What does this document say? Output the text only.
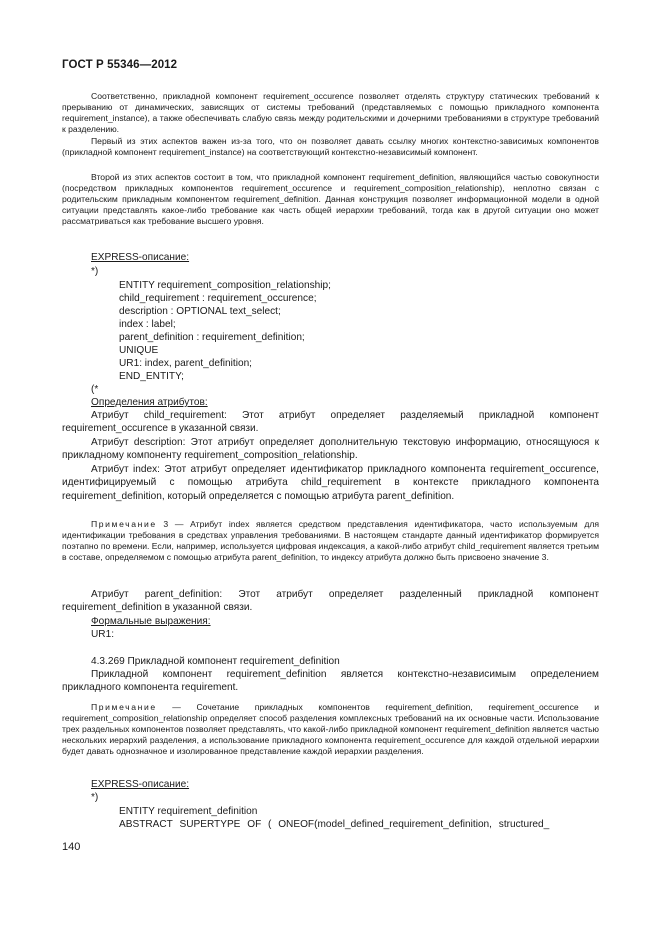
ГОСТ Р 55346—2012

Соответственно, прикладной компонент requirement_occurence позволяет отделять структуру статических требований к прерыванию от динамических, зависящих от системы требований (представляемых с помощью прикладного компонента requirement_instance), а также обеспечивать слабую связь между родительскими и дочерними требованиями в структуре требований к разделению.

Первый из этих аспектов важен из-за того, что он позволяет давать ссылку многих контекстно-зависимых компонентов (прикладной компонент requirement_instance) на соответствующий контекстно-независимый компонент.

Второй из этих аспектов состоит в том, что прикладной компонент requirement_definition, являющийся частью совокупности (посредством прикладных компонентов requirement_occurence и requirement_composition_relationship), неплотно связан с родительским прикладным компонентом requirement_definition. Данная конструкция позволяет информационной модели в одной ситуации представлять какое-либо требование как часть общей иерархии требований, тогда как в другой ситуации оно может рассматриваться как требование высшего уровня.

EXPRESS-описание:
*)
ENTITY requirement_composition_relationship;
child_requirement : requirement_occurence;
description : OPTIONAL text_select;
index : label;
parent_definition : requirement_definition;
UNIQUE
UR1: index, parent_definition;
END_ENTITY;
(*
Определения атрибутов:

Атрибут child_requirement: Этот атрибут определяет разделяемый прикладной компонент requirement_occurence в указанной связи.

Атрибут description: Этот атрибут определяет дополнительную текстовую информацию, относящуюся к прикладному компоненту requirement_composition_relationship.

Атрибут index: Этот атрибут определяет идентификатор прикладного компонента requirement_occurence, идентифицируемый с помощью атрибута child_requirement в контексте прикладного компонента requirement_definition, который определяется с помощью атрибута parent_definition.

Примечание 3 — Атрибут index является средством представления идентификатора, часто используемым для идентификации требования в средствах управления требованиями. В настоящем стандарте данный идентификатор формируется поэтапно по времени. Если, например, используется цифровая индексация, а какой-либо атрибут child_requirement является третьим в составе, определяемом с помощью атрибута parent_definition, то индексу атрибута должно быть присвоено значение 3.

Атрибут parent_definition: Этот атрибут определяет разделенный прикладной компонент requirement_definition в указанной связи.

Формальные выражения:
UR1:
4.3.269 Прикладной компонент requirement_definition

Прикладной компонент requirement_definition является контекстно-независимым определением прикладного компонента requirement.

Примечание — Сочетание прикладных компонентов requirement_definition, requirement_occurence и requirement_composition_relationship определяет способ разделения комплексных требований на их основные части. Использование трех раздельных компонентов позволяет представлять, что какой-либо прикладной компонент requirement_definition является частью нескольких иерархий разделения, а использование прикладного компонента requirement_occurence для каждой отдельной иерархии будет давать однозначное и изолированное представление каждой иерархии разделения.

EXPRESS-описание:
*)
ENTITY requirement_definition
ABSTRACT SUPERTYPE OF ( ONEOF(model_defined_requirement_definition, structured_
140
